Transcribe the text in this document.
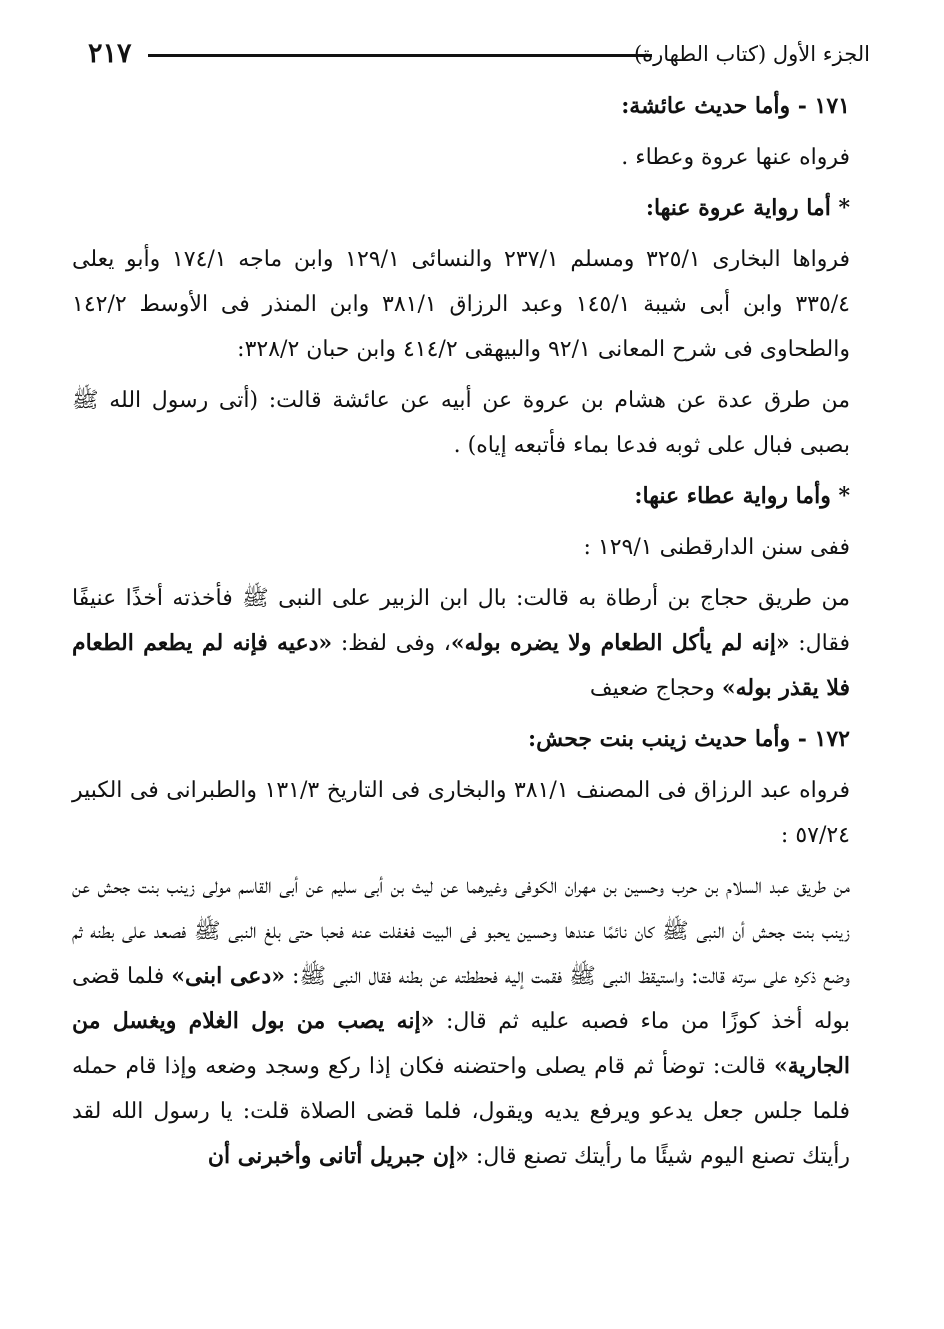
٢١٧	الجزء الأول (كتاب الطهارة)

١٧١ - وأما حديث عائشة:

فرواه عنها عروة وعطاء .

* أما رواية عروة عنها:

فرواها البخارى ٣٢٥/١ ومسلم ٢٣٧/١ والنسائى ١٢٩/١ وابن ماجه ١٧٤/١ وأبو يعلى ٣٣٥/٤ وابن أبى شيبة ١٤٥/١ وعبد الرزاق ٣٨١/١ وابن المنذر فى الأوسط ١٤٢/٢ والطحاوى فى شرح المعانى ٩٢/١ والبيهقى ٤١٤/٢ وابن حبان ٣٢٨/٢:

من طرق عدة عن هشام بن عروة عن أبيه عن عائشة قالت: (أتى رسول الله ﷺ بصبى فبال على ثوبه فدعا بماء فأتبعه إياه) .

* وأما رواية عطاء عنها:

ففى سنن الدارقطنى ١٢٩/١ :

من طريق حجاج بن أرطاة به قالت: بال ابن الزبير على النبى ﷺ فأخذته أخذًا عنيفًا فقال: «إنه لم يأكل الطعام ولا يضره بوله»، وفى لفظ: «دعيه فإنه لم يطعم الطعام فلا يقذر بوله» وحجاج ضعيف

١٧٢ - وأما حديث زينب بنت جحش:

فرواه عبد الرزاق فى المصنف ٣٨١/١ والبخارى فى التاريخ ١٣١/٣ والطبرانى فى الكبير ٥٧/٢٤ :

من طريق عبد السلام بن حرب وحسين بن مهران الكوفى وغيرهما عن ليث بن أبى سليم عن أبى القاسم مولى زينب بنت جحش عن زينب بنت جحش أن النبى ﷺ كان نائمًا عندها وحسين يحبو فى البيت فغفلت عنه فحبا حتى بلغ النبى ﷺ فصعد على بطنه ثم وضع ذكره على سرته قالت: واستيقظ النبى ﷺ فقمت إليه فحططته عن بطنه فقال النبى ﷺ: «دعى ابنى» فلما قضى بوله أخذ كوزًا من ماء فصبه عليه ثم قال: «إنه يصب من بول الغلام ويغسل من الجارية» قالت: توضأ ثم قام يصلى واحتضنه فكان إذا ركع وسجد وضعه وإذا قام حمله فلما جلس جعل يدعو ويرفع يديه ويقول، فلما قضى الصلاة قلت: يا رسول الله لقد رأيتك تصنع اليوم شيئًا ما رأيتك تصنع قال: «إن جبريل أتانى وأخبرنى أن
